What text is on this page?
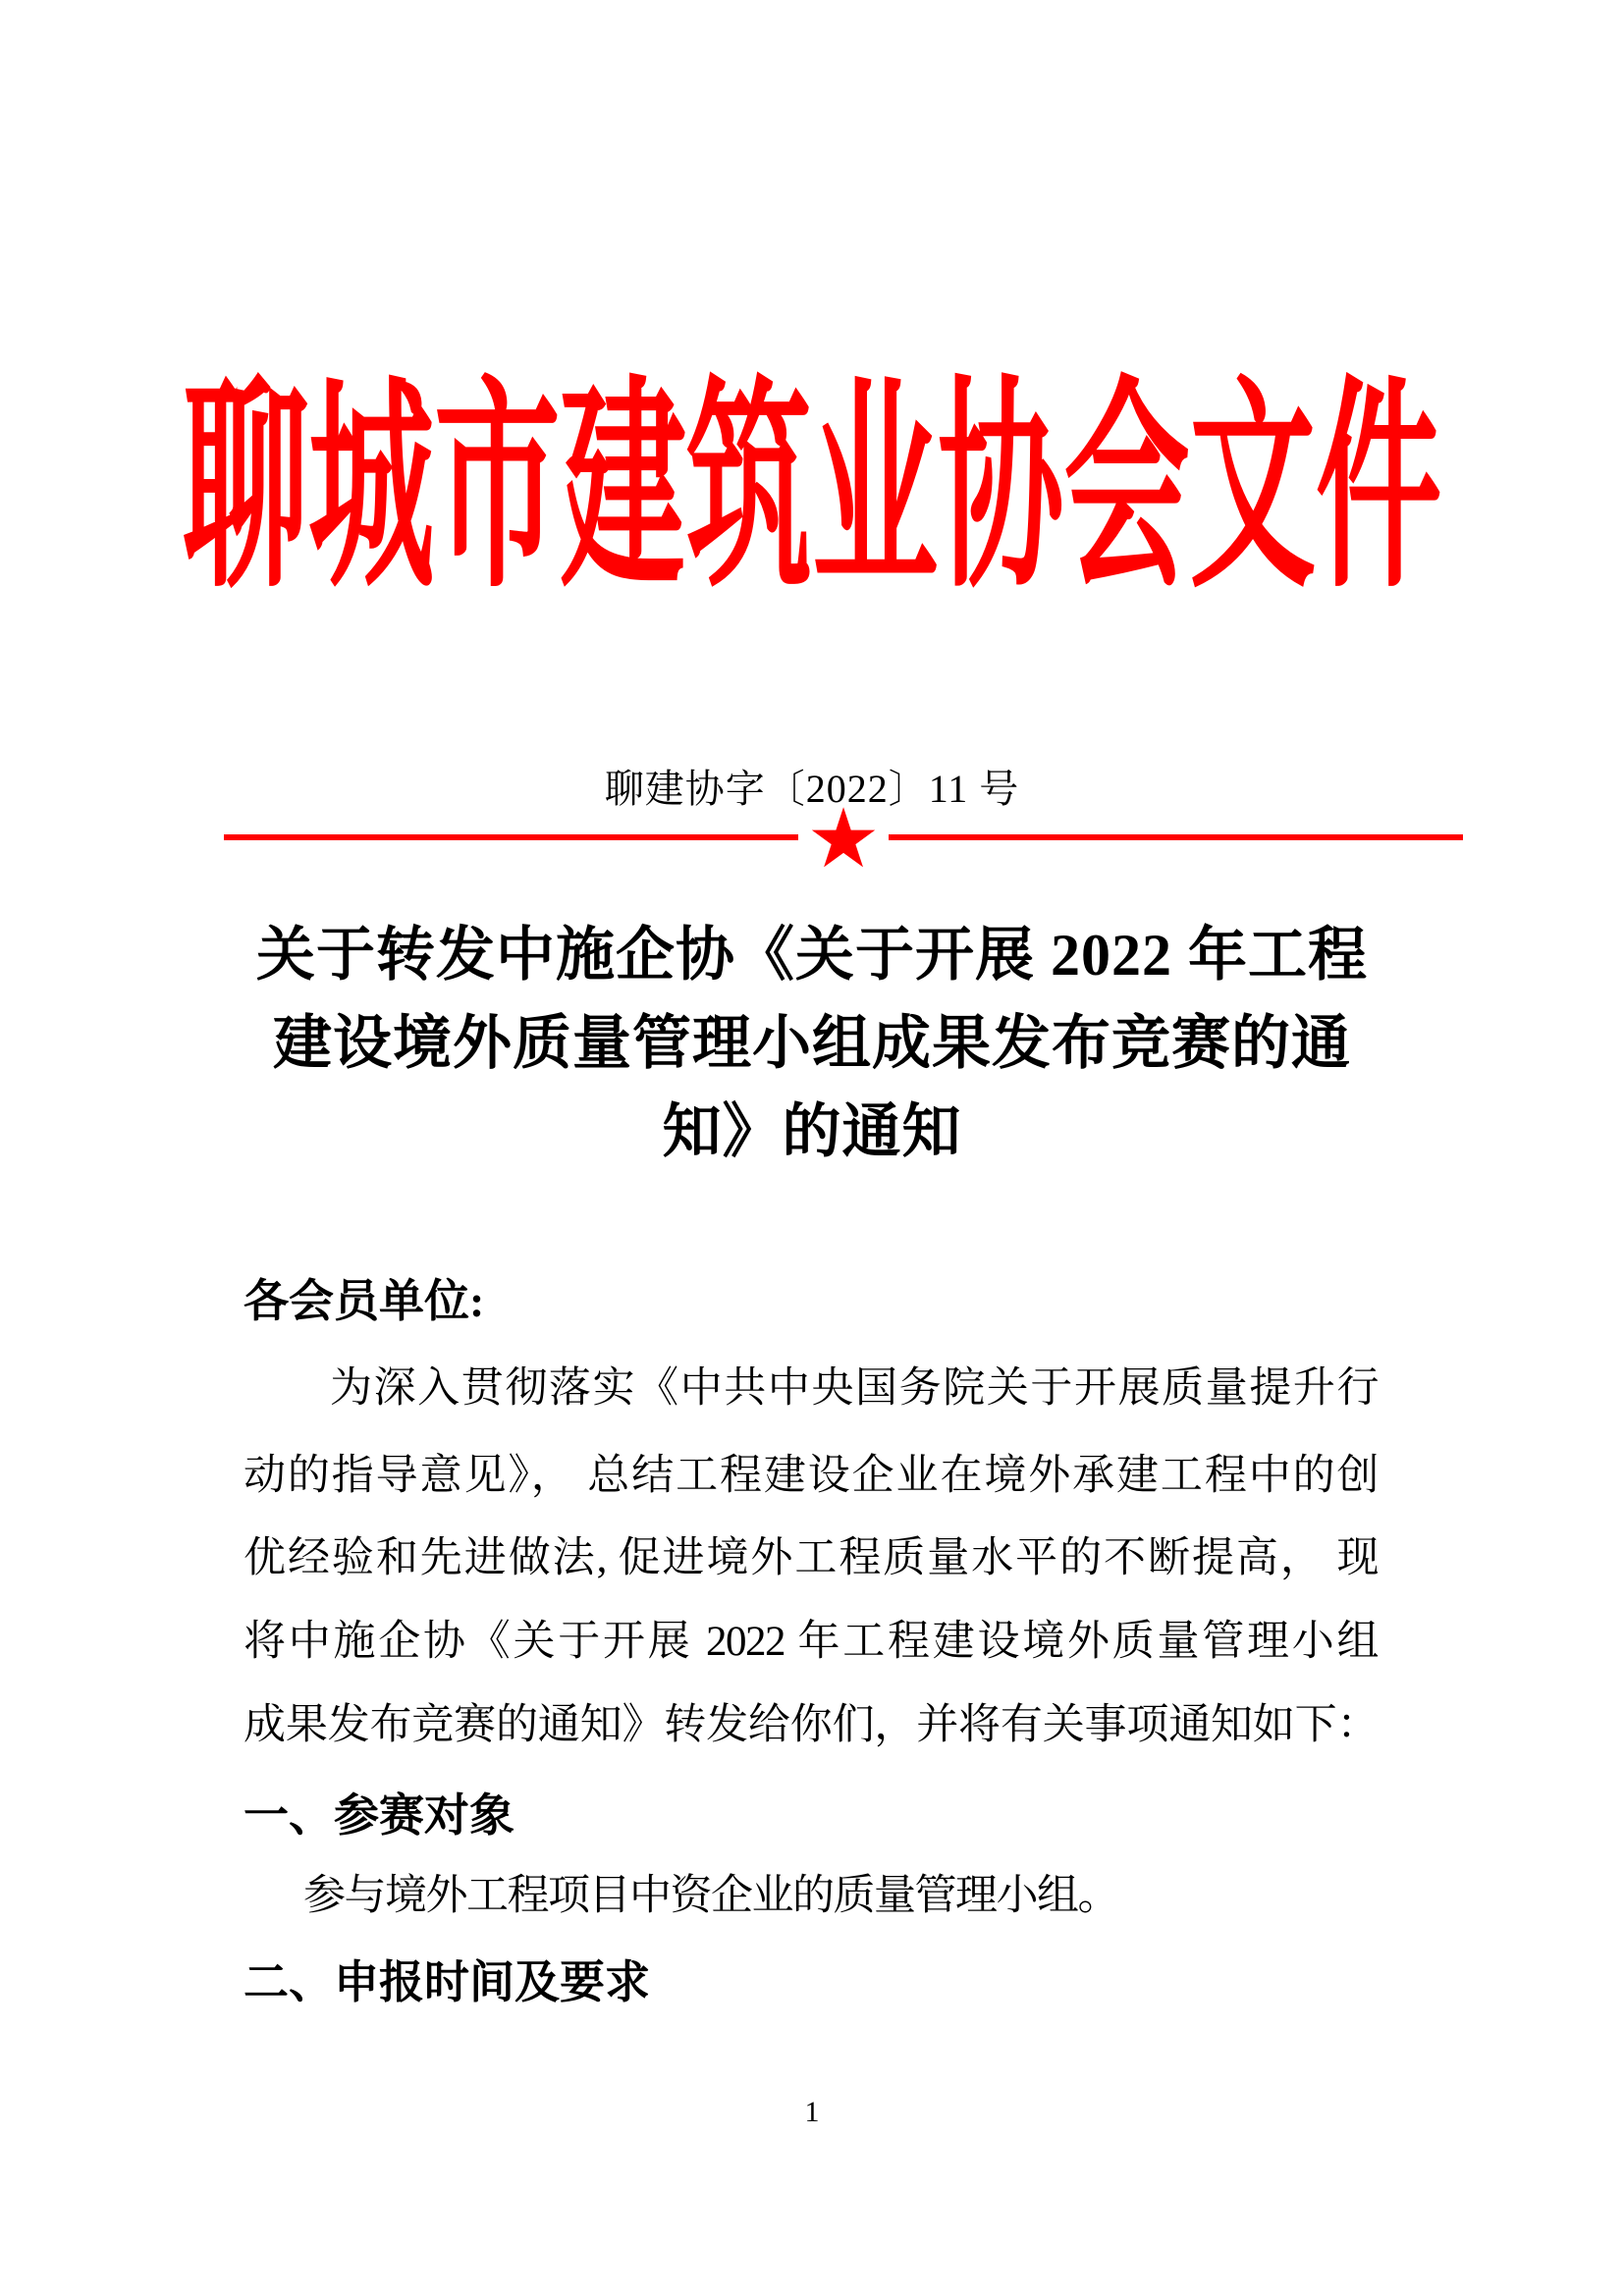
聊城市建筑业协会文件
聊建协字〔2022〕11 号
★
关于转发中施企协《关于开展 2022 年工程
建设境外质量管理小组成果发布竞赛的通
知》的通知
各会员单位:
为深入贯彻落实《中共中央国务院关于开展质量提升行
动的指导意见》， 总结工程建设企业在境外承建工程中的创
优经验和先进做法, 促进境外工程质量水平的不断提高， 现
将中施企协《关于开展 2022 年工程建设境外质量管理小组
成果发布竞赛的通知》转发给你们，并将有关事项通知如下：
一、参赛对象
参与境外工程项目中资企业的质量管理小组。
二、申报时间及要求
1
